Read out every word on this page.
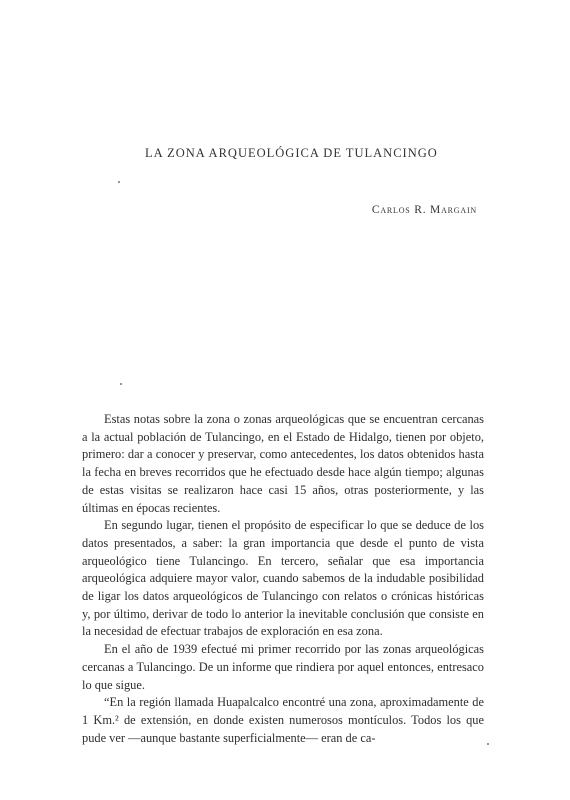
LA ZONA ARQUEOLÓGICA DE TULANCINGO
Carlos R. Margain

Estas notas sobre la zona o zonas arqueológicas que se encuentran cercanas a la actual población de Tulancingo, en el Estado de Hidalgo, tienen por objeto, primero: dar a conocer y preservar, como antecedentes, los datos obtenidos hasta la fecha en breves recorridos que he efectuado desde hace algún tiempo; algunas de estas visitas se realizaron hace casi 15 años, otras posteriormente, y las últimas en épocas recientes.

En segundo lugar, tienen el propósito de especificar lo que se deduce de los datos presentados, a saber: la gran importancia que desde el punto de vista arqueológico tiene Tulancingo. En tercero, señalar que esa importancia arqueológica adquiere mayor valor, cuando sabemos de la indudable posibilidad de ligar los datos arqueológicos de Tulancingo con relatos o crónicas históricas y, por último, derivar de todo lo anterior la inevitable conclusión que consiste en la necesidad de efectuar trabajos de exploración en esa zona.

En el año de 1939 efectué mi primer recorrido por las zonas arqueológicas cercanas a Tulancingo. De un informe que rindiera por aquel entonces, entresaco lo que sigue.

“En la región llamada Huapalcalco encontré una zona, aproximadamente de 1 Km.² de extensión, en donde existen numerosos montículos. Todos los que pude ver —aunque bastante superficialmente— eran de ca-
